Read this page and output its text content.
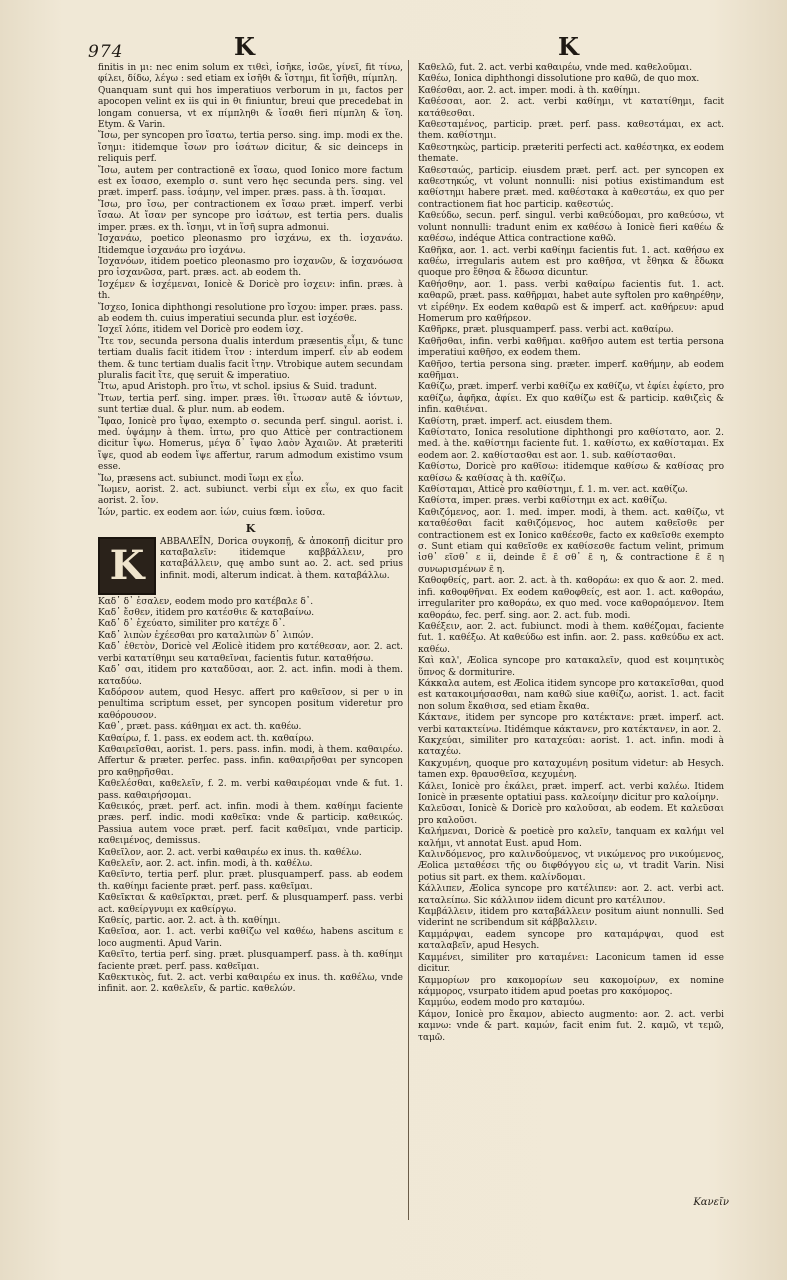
974	K	K

finitis in μι: nec enim solum ex τιθεὶ, ἱσῆκε, ἱσῶε, γίνεῖ, fit τίνω, φίλει, δίδω, λέγω : sed etiam ex ἱσῆθι & ἵστημι, fit ἵσῆθι, πίμπλη.

Quanquam sunt qui hos imperatiuos verborum in μι, factos per apocopen velint ex iis qui in θι finiuntur, breui que precedebat in longam conuersa, vt ex πίμπληθι & ἵσαθι fieri πίμπλη & ἵση. Etym. & Varin.

Ἴσω, per syncopen pro ἴσατω, tertia perso. sing. imp. modi ex the. ἴσημι: itidemque ἴσων pro ἰσάτων dicitur, & sic deinceps in reliquis perf.

Ἴσω, autem per contractionē ex ἴσαω, quod Ionico more factum est ex ἴσασο, exemplo σ. sunt vero hęc secunda pers. sing. vel prӕt. imperf. pass. ἱσάμην, vel imper. prӕs. pass. à th. ἵσαμαι.

Ἴσω, pro ἴσω, per contractionem ex ἴσαω prӕt. imperf. verbi ἴσαω. At ἴσαν per syncope pro ἰσάτων, est tertia pers. dualis imper. prӕs. ex th. ἴσημι, vt in ἵσῆ supra admonui.

Ἰσχανάω, poetico pleonasmo pro ἰσχάνω, ex th. ἰσχανάω. Itidemque ἰσχανάω pro ἰσχάνω.

Ἰσχανόων, itidem poetico pleonasmo pro ἰσχανῶν, & ἰσχανόωσα pro ἰσχανῶσα, part. prӕs. act. ab eodem th.

Ἰσχέμεν & ἰσχέμεναι, Ionicè & Doricè pro ἰσχειν: infin. prӕs. à th.

Ἴσχεο, Ionica diphthongi resolutione pro ἴσχου: imper. prӕs. pass. ab eodem th. cuius imperatiui secunda plur. est ἰσχέσθε.

Ἰσχεῖ λόπε, itidem vel Doricè pro eodem ἰσχ.

Ἴτε τον, secunda persona dualis interdum prӕsentis εἶμι, & tunc tertiam dualis facit itidem ἴτον : interdum imperf. εἶν ab eodem them. & tunc tertiam dualis facit ἴτην. Vtrobique autem secundam pluralis facit ἴτε, quę seruit & imperatiuo.

Ἴτω, apud Aristoph. pro ἴτω, vt schol. ipsius & Suid. tradunt.

Ἴτων, tertia perf. sing. imper. prӕs. ἴθι. ἴτωσαν autē & ἰόντων, sunt tertiӕ dual. & plur. num. ab eodem.

Ἴφαο, Ionicè pro ἴψαο, exempto σ. secunda perf. singul. aorist. i. med. ὑψάμην à them. ἰπτω, pro quo Atticè per contractionem dicitur ἴψω. Homerus, μέγα δ᾽ ἴψαο λαὸν Ἀχαιῶν. At prӕteriti ἴψε, quod ab eodem ἴψε affertur, rarum admodum existimo vsum esse.

Ἴω, prӕsens act. subiunct. modi ἴωμι ex εἶω.

Ἴωμεν, aorist. 2. act. subiunct. verbi εἶμι ex εἶω, ex quo facit aorist. 2. ἴον.

Ἰών, partic. ex eodem aor. ἰών, cuius fœm. ἰοῦσα.

K
K
ΑΒΒΑΛΕΪΝ, Dorica συγκοπῇ, & ἀποκοπῇ dicitur pro καταβαλεῖν: itidemque καββάλλειν, pro καταβάλλειν, quę ambo sunt ao. 2. act. sed prius infinit. modi, alterum indicat. à them. καταβάλλω.

Καδ᾽ δ᾽ ἐσαλεν, eodem modo pro κατέβαλε δ᾽.

Καδ᾽ ἔσθεν, itidem pro κατέσθιε & καταβαίνω.

Καδ᾽ δ᾽ ἐχεύατο, similiter pro κατέχε δ᾽.

Καδ᾽ λιπὼν ἐχέεσθαι pro καταλιπὼν δ᾽ λιπών.

Καδ᾽ ἐθετὸν, Doricè vel Æolicè itidem pro κατέθεσαν, aor. 2. act. verbi κατατίθημι seu καταθεῖναι, facientis futur. καταθήσω.

Καδ᾽ σαι, itidem pro καταδῦσαι, aor. 2. act. infin. modi à them. καταδύω.

Καδόρσον autem, quod Hesyc. affert pro καθεῖσον, si per υ in penultima scriptum esset, per syncopen positum videretur pro καθόρουσον.

Καθ᾽, prӕt. pass. κάθημαι ex act. th. καθέω.

Καθαίρω, f. 1. pass. ex eodem act. th. καθαίρω.

Καθαιρεῖσθαι, aorist. 1. pers. pass. infin. modi, à them. καθαιρέω. Affertur & prӕter. perfec. pass. infin. καθαιρῆσθαι per syncopen pro καθῃρῆσθαι.

Καθελέσθαι, καθελεῖν, f. 2. m. verbi καθαιρέομαι vnde & fut. 1. pass. καθαιρήσομαι.

Καθεικός, prӕt. perf. act. infin. modi à them. καθίημι faciente prӕs. perf. indic. modi καθεῖκα: vnde & particip. καθεικώς. Passiua autem voce prӕt. perf. facit καθεῖμαι, vnde particip. καθειμένος, demissus.

Καθεῖλον, aor. 2. act. verbi καθαιρέω ex inus. th. καθέλω.

Καθελεῖν, aor. 2. act. infin. modi, à th. καθέλω.

Καθεῖντο, tertia perf. plur. prӕt. plusquamperf. pass. ab eodem th. καθίημι faciente prӕt. perf. pass. καθεῖμαι.

Καθεῖκται & καθεῖρκται, prӕt. perf. & plusquamperf. pass. verbi act. καθείργνυμι ex καθείργω.

Καθείς, partic. aor. 2. act. à th. καθίημι.

Καθεῖσα, aor. 1. act. verbi καθίζω vel καθέω, habens ascitum ε loco augmenti. Apud Varin.

Καθεῖτο, tertia perf. sing. prӕt. plusquamperf. pass. à th. καθίημι faciente prӕt. perf. pass. καθεῖμαι.

Καθεκτικὸς, fut. 2. act. verbi καθαιρέω ex inus. th. καθέλω, vnde infinit. aor. 2. καθελεῖν, & partic. καθελών.

Καθελῶ, fut. 2. act. verbi καθαιρέω, vnde med. καθελοῦμαι.

Καθέω, Ionica diphthongi dissolutione pro καθῶ, de quo mox.

Καθέσθαι, aor. 2. act. imper. modi. à th. καθίημι.

Καθέσσαι, aor. 2. act. verbi καθίημι, vt κατατίθημι, facit κατάθεσθαι.

Καθεσταμένος, particip. prӕt. perf. pass. καθεστάμαι, ex act. them. καθίστημι.

Καθεστηκὼς, particip. prӕteriti perfecti act. καθέστηκα, ex eodem themate.

Καθεσταώς, particip. eiusdem prӕt. perf. act. per syncopen ex καθεστηκώς, vt volunt nonnulli: nisi potius existimandum est καθίστημι habere prӕt. med. καθέστακα à καθεστάω, ex quo per contractionem fiat hoc particip. καθεστώς.

Καθεύδω, secun. perf. singul. verbi καθεύδομαι, pro καθεύσω, vt volunt nonnulli: tradunt enim ex καθέσω à Ionicè fieri καθέω & καθέσω, indéque Attica contractione καθῶ.

Καθῆκα, aor. 1. act. verbi καθίημι facientis fut. 1. act. καθήσω ex καθέω, irregularis autem est pro καθῆσα, vt ἔθηκα & ἔδωκα quoque pro ἔθησα & ἔδωσα dicuntur.

Καθήσθην, aor. 1. pass. verbi καθαίρω facientis fut. 1. act. καθαρῶ, prӕt. pass. καθῆρμαι, habet aute syftolen pro καθηρέθην, vt εἰρέθην. Ex eodem καθαρῶ est & imperf. act. καθήρευν: apud Homerum pro καθήρεον.

Καθῆρκε, prӕt. plusquamperf. pass. verbi act. καθαίρω.

Καθῆσθαι, infin. verbi καθῆμαι. καθῆσο autem est tertia persona imperatiui καθῆσο, ex eodem them.

Καθῆσο, tertia persona sing. prӕter. imperf. καθήμην, ab eodem καθῆμαι.

Καθίζω, prӕt. imperf. verbi καθίζω ex καθίζω, vt ἐφίει ἐφίετο, pro καθίζω, ἀφῆκα, ἀφίει. Ex quo καθίζω est & particip. καθιζεὶς & infin. καθιέναι.

Καθίστη, prӕt. imperf. act. eiusdem them.

Καθίστατο, Ionica resolutione diphthongi pro καθίστατο, aor. 2. med. à the. καθίστημι faciente fut. 1. καθίστω, ex καθίσταμαι. Ex eodem aor. 2. καθίστασθαι est aor. 1. sub. καθίστασθαι.

Καθίστω, Doricè pro καθῖσω: itidemque καθίσω & καθίσας pro καθίσω & καθίσας à th. καθίζω.

Καθίσταμαι, Atticè pro καθίστημι, f. 1. m. ver. act. καθίζω.

Καθίστα, imper. prӕs. verbi καθίστημι ex act. καθίζω.

Καθιζόμενος, aor. 1. med. imper. modi, à them. act. καθίζω, vt καταθέσθαι facit καθιζόμενος, hoc autem καθεῖσθε per contractionem est ex Ionico καθέεσθε, facto ex καθεῖσθε exempto σ. Sunt etiam qui καθεῖσθε ex καθίσεσθε factum velint, primum ἰσθ᾽ εῖσθ᾽ ε ii, deinde ε̃ ε̃ σθ᾽ ε̃ η, & contractione ε̃ ε̃ η συνωρισμένων ε̃ η.

Καθοφθείς, part. aor. 2. act. à th. καθοράω: ex quo & aor. 2. med. infi. καθοφθῆναι. Ex eodem καθοφθείς, est aor. 1. act. καθοράω, irregulariter pro καθοράω, ex quo med. voce καθοραόμενον. Item καθοράω, fec. perf. sing. aor. 2. act. fub. modi.

Καθέξειν, aor. 2. act. fubiunct. modi à them. καθέζομαι, faciente fut. 1. καθέξω. At καθεύδω est infin. aor. 2. pass. καθεύδω ex act. καθέω.

Καὶ καλ', Æolica syncope pro κατακαλεῖν, quod est κοιμητικὸς ὕπνος & dormiturire.

Κάκκαλα autem, est Æolica itidem syncope pro κατακεῖσθαι, quod est κατακοιμήσασθαι, nam καθῶ siue καθίζω, aorist. 1. act. facit non solum ἔκαθισα, sed etiam ἔκαθα.

Κάκτανε, itidem per syncope pro κατέκτανε: prӕt. imperf. act. verbi κατακτείνω. Itidémque κάκτανεν, pro κατέκτανεν, in aor. 2.

Κακχεύαι, similiter pro καταχεύαι: aorist. 1. act. infin. modi à καταχέω.

Κακχυμένη, quoque pro καταχυμένη positum videtur: ab Hesych. tamen exp. θραυσθεῖσα, κεχυμένη.

Κάλει, Ionicè pro ἐκάλει, prӕt. imperf. act. verbi καλέω. Itidem Ionicè in prӕsente optatiui pass. καλεοίμην dicitur pro καλοίμην.

Καλεῦσαι, Ionicè & Doricè pro καλοῦσαι, ab eodem. Et καλεῦσαι pro καλοῦσι.

Καλήμεναι, Doricè & poeticè pro καλεῖν, tanquam ex καλήμι vel καλήμι, vt annotat Eust. apud Hom.

Καλινδόμενος, pro καλινδούμενος, vt νικώμενος pro νικούμενος, Æolica μεταθέσει τῆς ου διφθόγγου εἰς ω, vt tradit Varin. Nisi potius sit part. ex them. καλίνδομαι.

Κάλλιπεν, Æolica syncope pro κατέλιπεν: aor. 2. act. verbi act. καταλείπω. Sic κάλλιπον iidem dicunt pro κατέλιπον.

Καμβάλλειν, itidem pro καταβάλλειν positum aiunt nonnulli. Sed viderint ne scribendum sit κάββαλλειν.

Καμμάρψαι, eadem syncope pro καταμάρψαι, quod est καταλαβεῖν, apud Hesych.

Καμμένει, similiter pro καταμένει: Laconicum tamen id esse dicitur.

Καμμορίων pro κακομορίων seu κακομοίρων, ex nomine κάμμορος, vsurpato itidem apud poetas pro κακόμορος.

Καμμύω, eodem modo pro καταμύω.

Κάμον, Ionicè pro ἔκαμον, abiecto augmento: aor. 2. act. verbi καμνω: vnde & part. καμών, facit enim fut. 2. καμῶ, vt τεμῶ, ταμῶ.

Κανεῖν
